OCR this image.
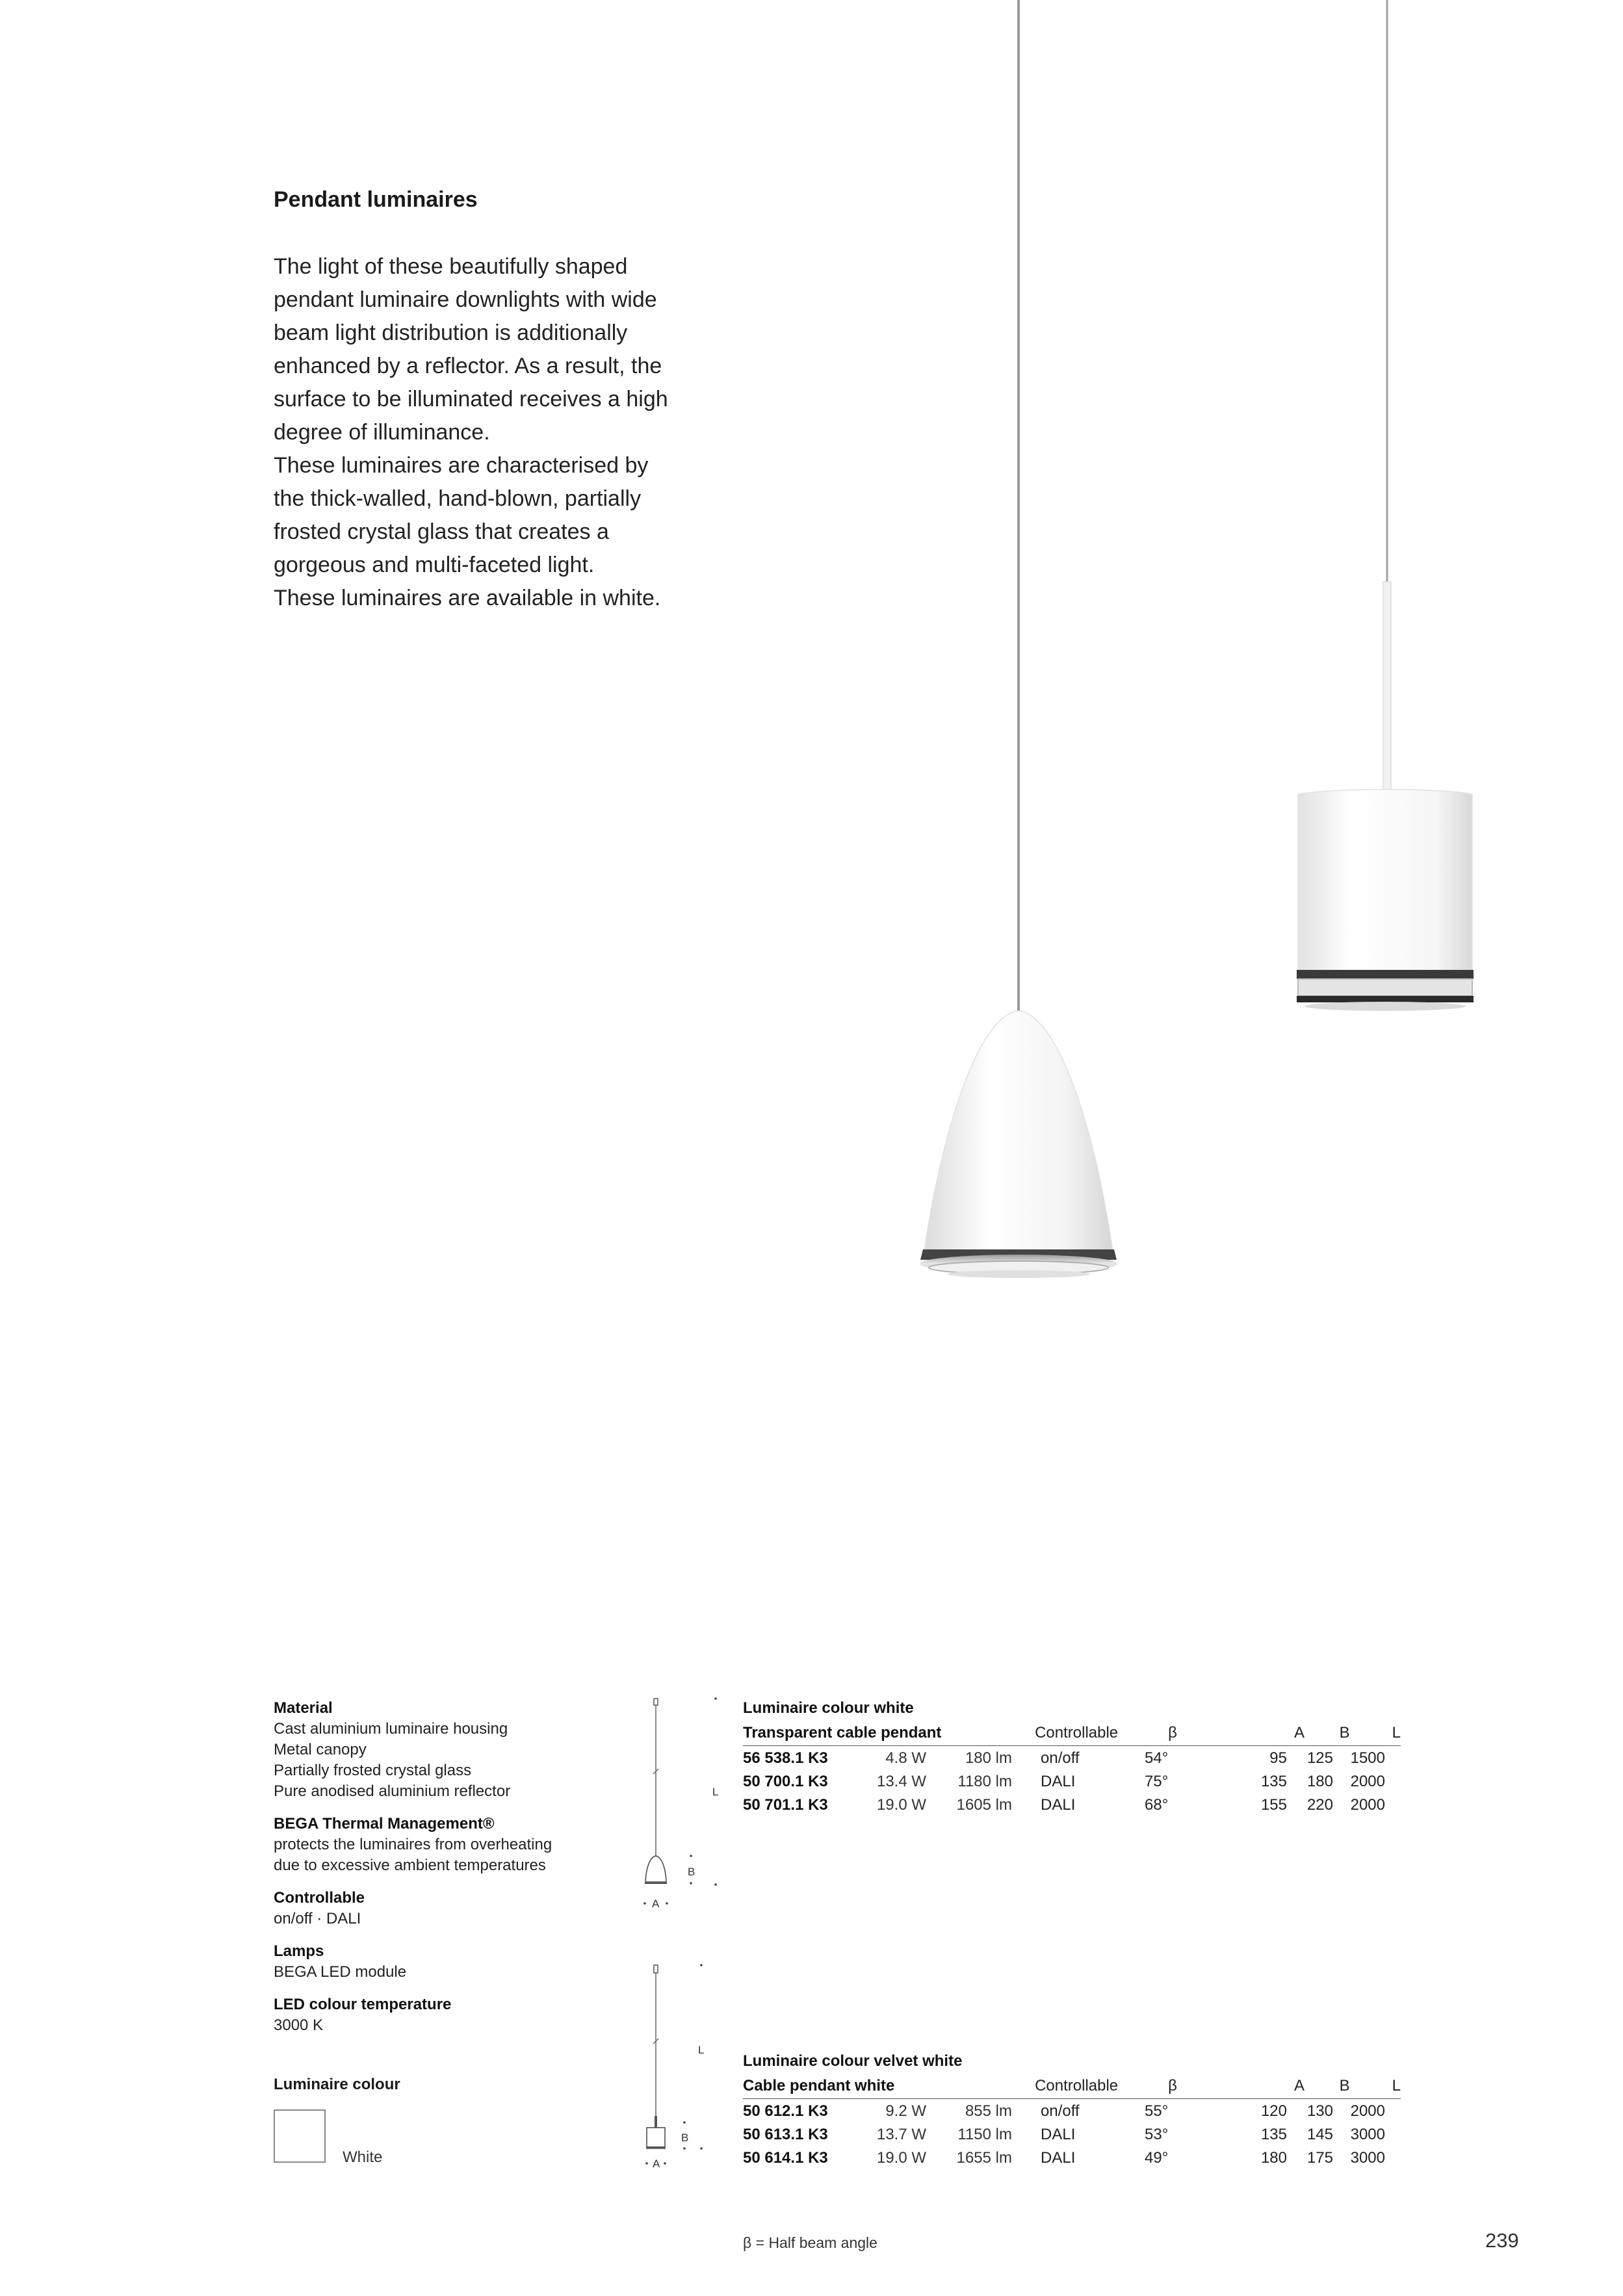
Pendant luminaires

The light of these beautifully shaped

pendant luminaire downlights with wide

beam light distribution is additionally

enhanced by a reflector. As a result, the

surface to be illuminated receives a high

degree of illuminance.

These luminaires are characterised by

the thick-walled, hand-blown, partially

frosted crystal glass that creates a

gorgeous and multi-faceted light.

These luminaires are available in white.

Material
Cast aluminium luminaire housing
Metal canopy
Partially frosted crystal glass
Pure anodised aluminium reflector
BEGA Thermal Management®
protects the luminaires from overheating
due to excessive ambient temperatures
Controllable
on/off · DALI
Lamps
BEGA LED module
LED colour temperature
3000 K
Luminaire colour
White
L
B
A
L
B
A
Luminaire colour white
Transparent cable pendant	Controllable	β	A	B	L
56 538.1 K3	4.8 W	180 lm	on/off	54°	95	125	1500
50 700.1 K3	13.4 W	1180 lm	DALI	75°	135	180	2000
50 701.1 K3	19.0 W	1605 lm	DALI	68°	155	220	2000
Luminaire colour velvet white
Cable pendant white	Controllable	β	A	B	L
50 612.1 K3	9.2 W	855 lm	on/off	55°	120	130	2000
50 613.1 K3	13.7 W	1150 lm	DALI	53°	135	145	3000
50 614.1 K3	19.0 W	1655 lm	DALI	49°	180	175	3000
β = Half beam angle	239
